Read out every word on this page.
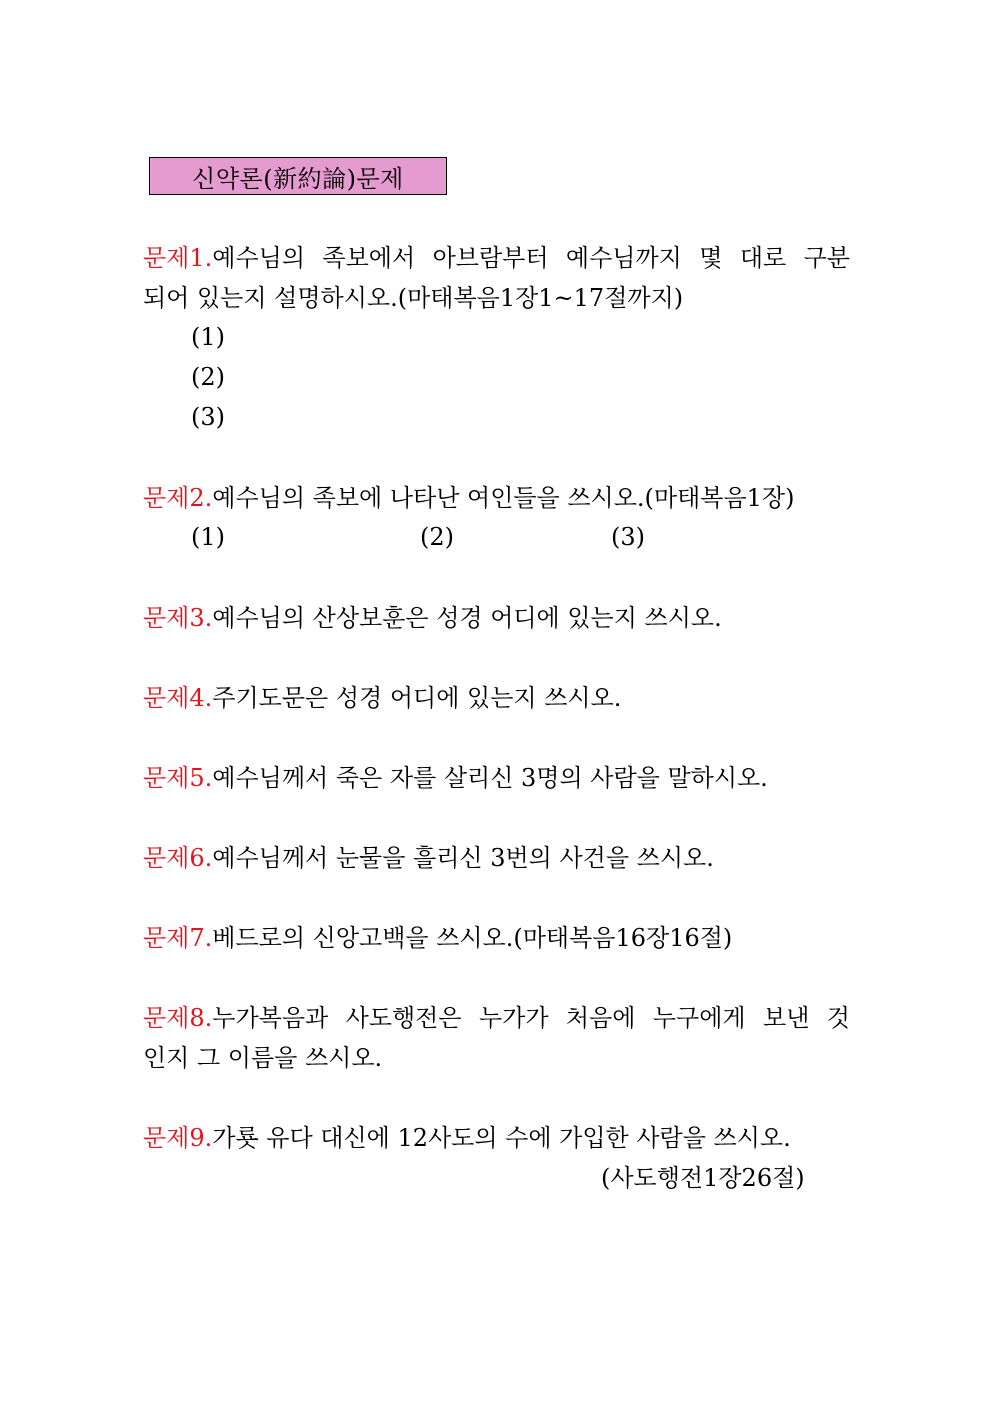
신약론(新約論)문제
문제1.예수님의 족보에서 아브람부터 예수님까지 몇 대로 구분
되어 있는지 설명하시오.(마태복음1장1~17절까지)
(1)
(2)
(3)
문제2.예수님의 족보에 나타난 여인들을 쓰시오.(마태복음1장)
(1)	(2)	(3)
문제3.예수님의 산상보훈은 성경 어디에 있는지 쓰시오.
문제4.주기도문은 성경 어디에 있는지 쓰시오.
문제5.예수님께서 죽은 자를 살리신 3명의 사람을 말하시오.
문제6.예수님께서 눈물을 흘리신 3번의 사건을 쓰시오.
문제7.베드로의 신앙고백을 쓰시오.(마태복음16장16절)
문제8.누가복음과 사도행전은 누가가 처음에 누구에게 보낸 것
인지 그 이름을 쓰시오.
문제9.가룟 유다 대신에 12사도의 수에 가입한 사람을 쓰시오.
(사도행전1장26절)
